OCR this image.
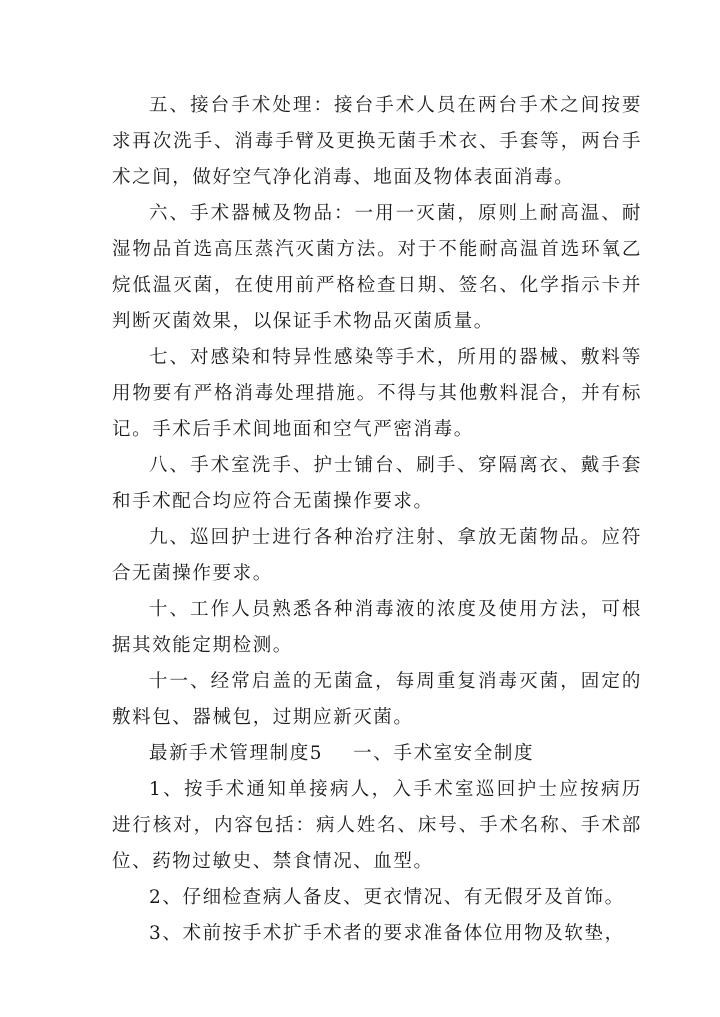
五、接台手术处理：接台手术人员在两台手术之间按要求再次洗手、消毒手臂及更换无菌手术衣、手套等，两台手术之间，做好空气净化消毒、地面及物体表面消毒。

六、手术器械及物品：一用一灭菌，原则上耐高温、耐湿物品首选高压蒸汽灭菌方法。对于不能耐高温首选环氧乙烷低温灭菌，在使用前严格检查日期、签名、化学指示卡并判断灭菌效果，以保证手术物品灭菌质量。

七、对感染和特异性感染等手术，所用的器械、敷料等用物要有严格消毒处理措施。不得与其他敷料混合，并有标记。手术后手术间地面和空气严密消毒。

八、手术室洗手、护士铺台、刷手、穿隔离衣、戴手套和手术配合均应符合无菌操作要求。

九、巡回护士进行各种治疗注射、拿放无菌物品。应符合无菌操作要求。

十、工作人员熟悉各种消毒液的浓度及使用方法，可根据其效能定期检测。

十一、经常启盖的无菌盒，每周重复消毒灭菌，固定的敷料包、器械包，过期应新灭菌。

最新手术管理制度5 一、手术室安全制度

1、按手术通知单接病人，入手术室巡回护士应按病历进行核对，内容包括：病人姓名、床号、手术名称、手术部位、药物过敏史、禁食情况、血型。

2、仔细检查病人备皮、更衣情况、有无假牙及首饰。

3、术前按手术扩手术者的要求准备体位用物及软垫，
